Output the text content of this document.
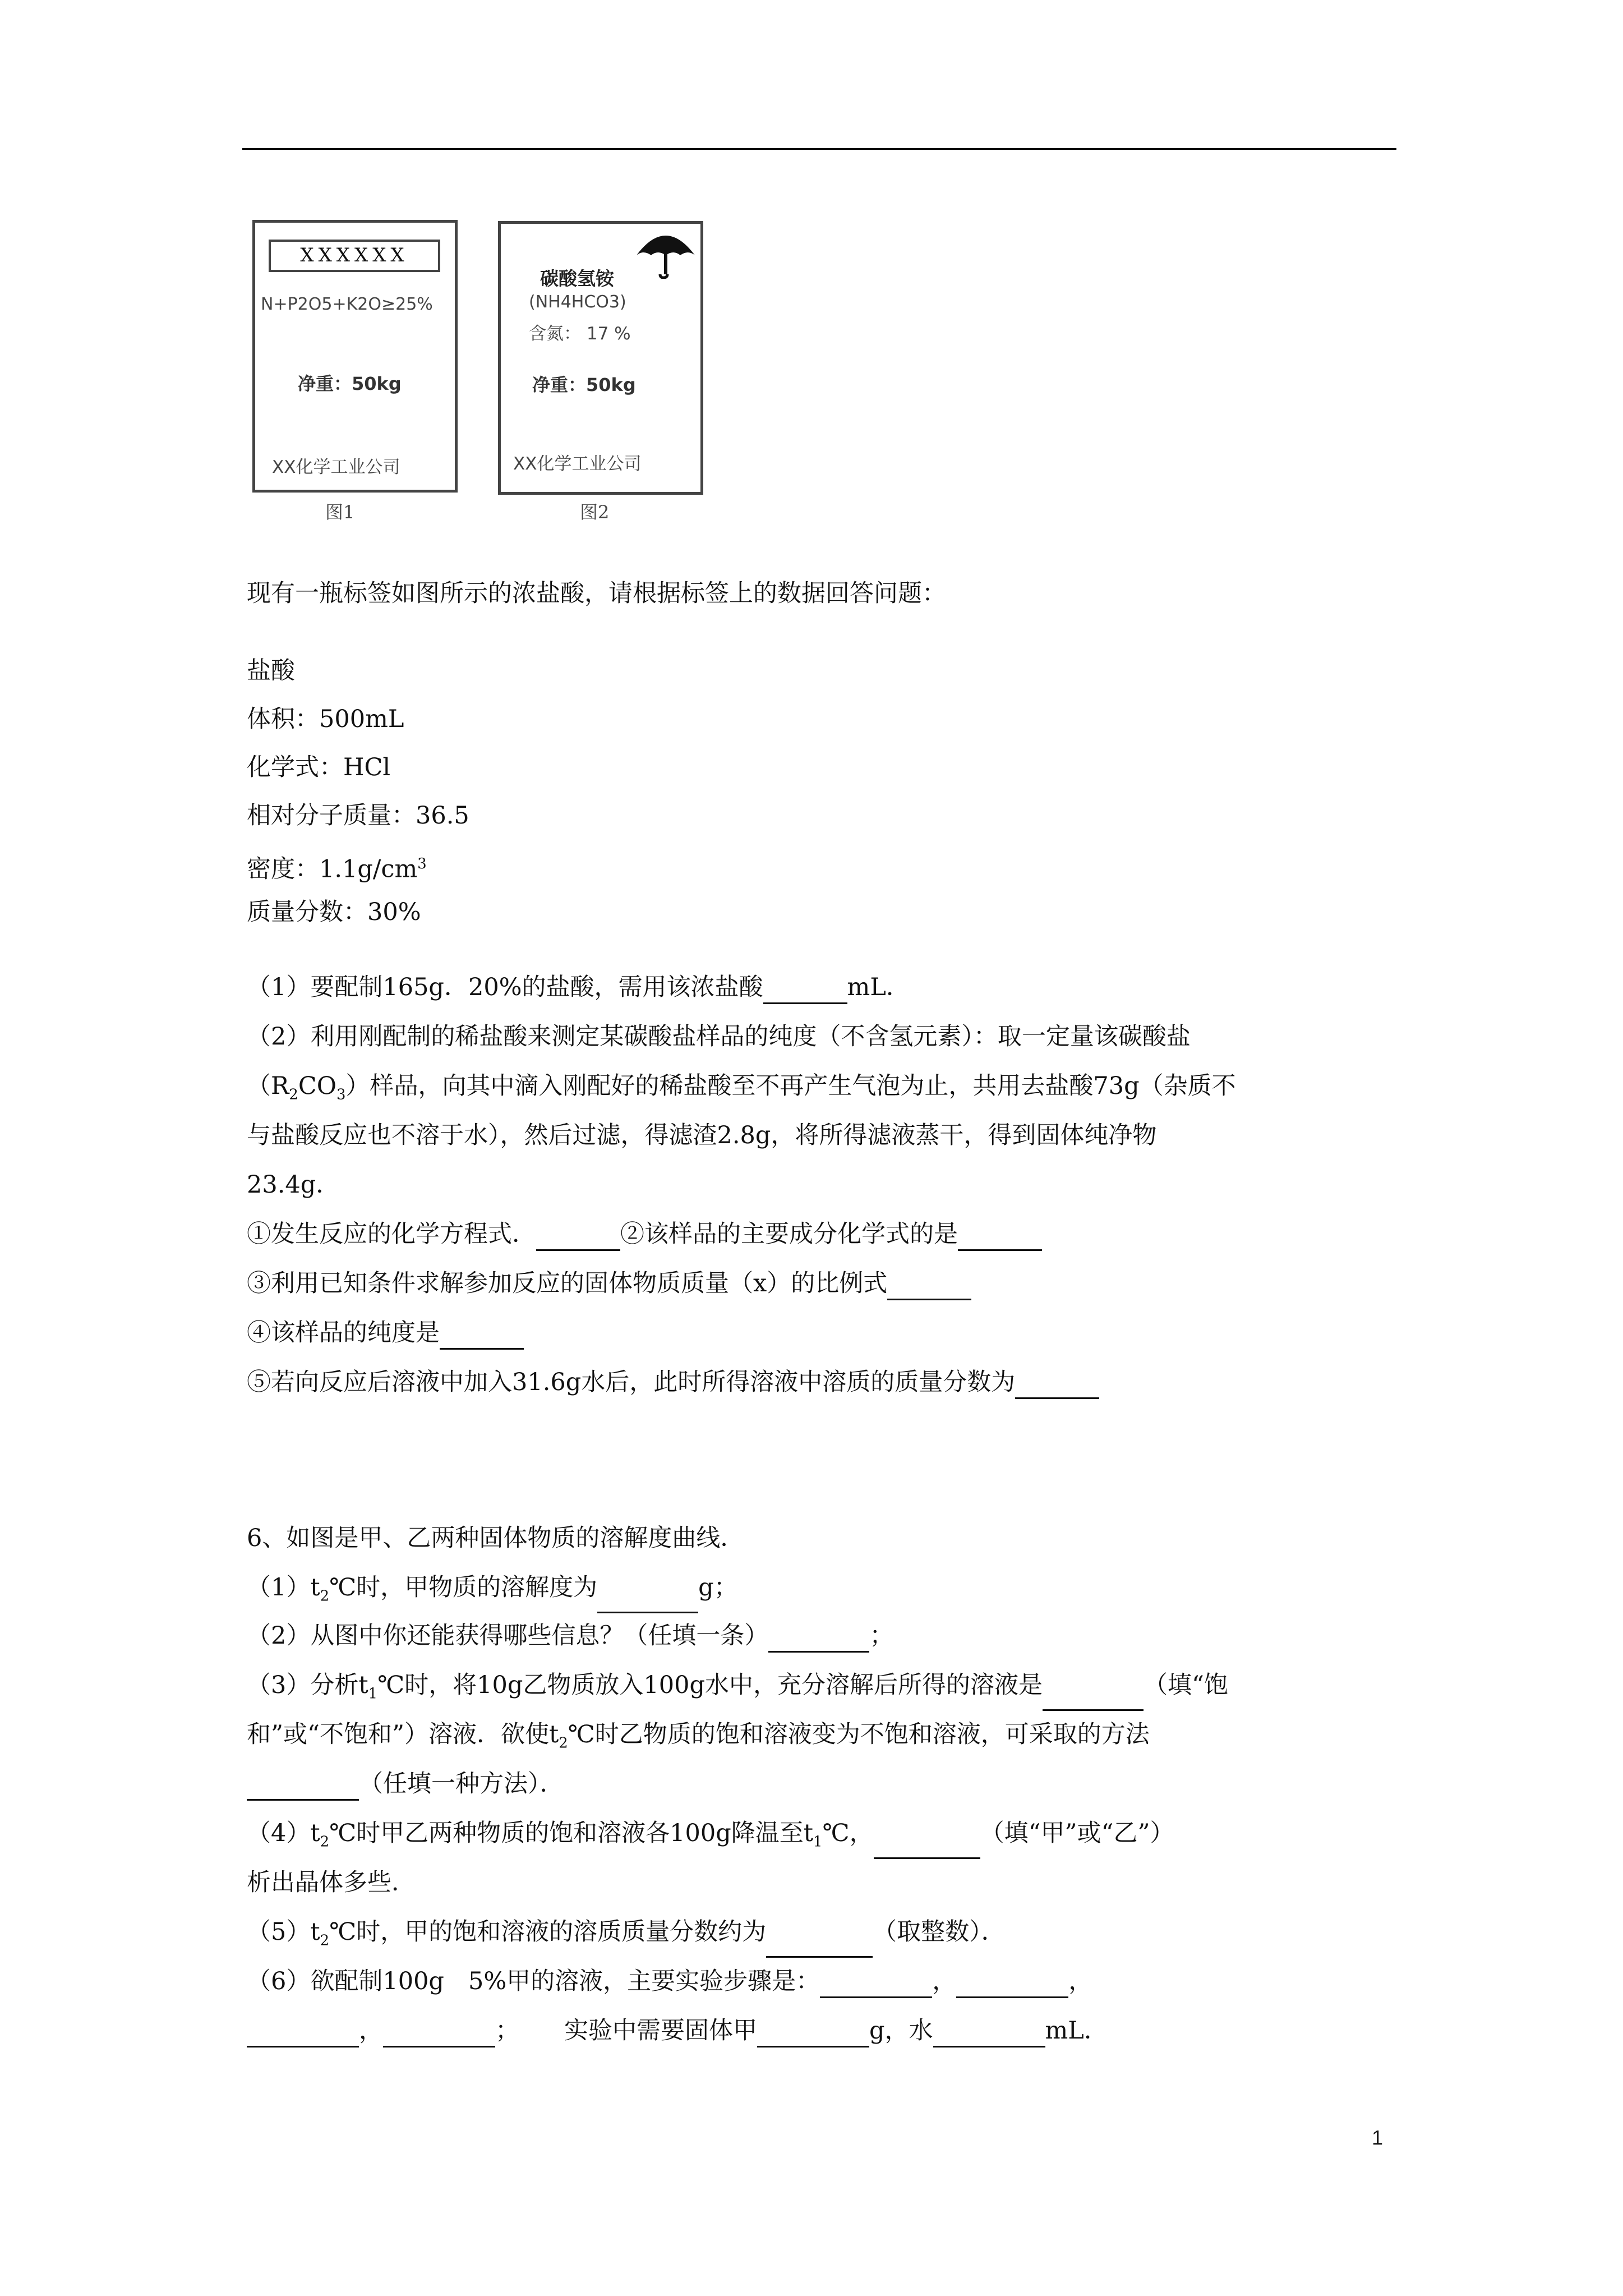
XXXXXX
N+P2O5+K2O≥25%
净重：50kg
XX化学工业公司
图1
碳酸氢铵
(NH4HCO3)
含氮： 17 %
净重：50kg
XX化学工业公司
图2
现有一瓶标签如图所示的浓盐酸，请根据标签上的数据回答问题：
盐酸
体积：500mL
化学式：HCl
相对分子质量：36.5
密度：$1.1g/cm^3$
质量分数：30%
（1）要配制165g．20%的盐酸，需用该浓盐酸	mL．
（2）利用刚配制的稀盐酸来测定某碳酸盐样品的纯度（不含氢元素）：取一定量该碳酸盐
$(R_2CO_3)$样品，向其中滴入刚配好的稀盐酸至不再产生气泡为止，共用去盐酸73g（杂质不
与盐酸反应也不溶于水），然后过滤，得滤渣2.8g，将所得滤液蒸干，得到固体纯净物
23.4g．
①发生反应的化学方程式．	②该样品的主要成分化学式的是
③利用已知条件求解参加反应的固体物质质量（x）的比例式
④该样品的纯度是
⑤若向反应后溶液中加入31.6g水后，此时所得溶液中溶质的质量分数为
6、如图是甲、乙两种固体物质的溶解度曲线．
$(1)t_2℃$时，甲物质的溶解度为	g；
（2）从图中你还能获得哪些信息？（任填一条）	；
（3）分析$t_1℃$时，将10g乙物质放入100g水中，充分溶解后所得的溶液是	（填“饱
和”或“不饱和”）溶液．欲使$t_2℃$时乙物质的饱和溶液变为不饱和溶液，可采取的方法
（任填一种方法）．
$(4)t_2℃$时甲乙两种物质的饱和溶液各100g降温至$t_1℃$，	（填“甲”或“乙”）
析出晶体多些．
$(5)t_2℃$时，甲的饱和溶液的溶质质量分数约为	（取整数）．
（6）欲配制100g　5%甲的溶液，主要实验步骤是：	，	，
，	； 实验中需要固体甲	g，水	mL．
1
